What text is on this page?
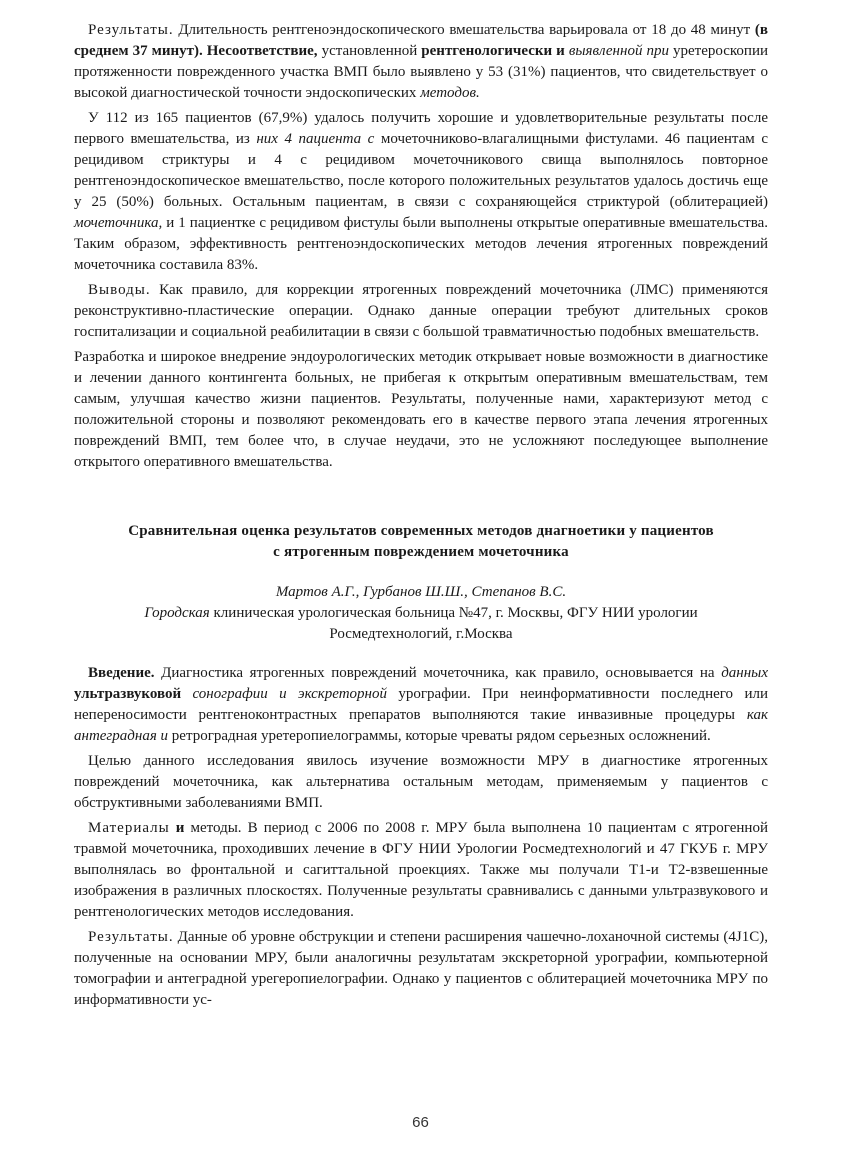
Результаты. Длительность рентгеноэндоскопического вмешательства варьировала от 18 до 48 минут (в среднем 37 минут). Несоответствие, установленной рентгенологически и выявленной при уретероскопии протяженности поврежденного участка ВМП было выявлено у 53 (31%) пациентов, что свидетельствует о высокой диагностической точности эндоскопических методов.

У 112 из 165 пациентов (67,9%) удалось получить хорошие и удовлетворительные результаты после первого вмешательства, из них 4 пациента с мочеточниково-влагалищными фистулами. 46 пациентам с рецидивом стриктуры и 4 с рецидивом мочеточникового свища выполнялось повторное рентгеноэндоскопическое вмешательство, после которого положительных результатов удалось достичь еще у 25 (50%) больных. Остальным пациентам, в связи с сохраняющейся стриктурой (облитерацией) мочеточника, и 1 пациентке с рецидивом фистулы были выполнены открытые оперативные вмешательства. Таким образом, эффективность рентгеноэндоскопических методов лечения ятрогенных повреждений мочеточника составила 83%.

Выводы. Как правило, для коррекции ятрогенных повреждений мочеточника (ЛМС) применяются реконструктивно-пластические операции. Однако данные операции требуют длительных сроков госпитализации и социальной реабилитации в связи с большой травматичностью подобных вмешательств.

Разработка и широкое внедрение эндоурологических методик открывает новые возможности в диагностике и лечении данного контингента больных, не прибегая к открытым оперативным вмешательствам, тем самым, улучшая качество жизни пациентов. Результаты, полученные нами, характеризуют метод с положительной стороны и позволяют рекомендовать его в качестве первого этапа лечения ятрогенных повреждений ВМП, тем более что, в случае неудачи, это не усложняют последующее выполнение открытого оперативного вмешательства.

Сравнительная оценка результатов современных методов днагноетики у пациентов

с ятрогенным повреждением мочеточника

Мартов А.Г., Гурбанов Ш.Ш., Степанов В.С.
Городская клиническая урологическая больница №47, г. Москвы, ФГУ НИИ урологии
Росмедтехнологий, г.Москва

Введение. Диагностика ятрогенных повреждений мочеточника, как правило, основывается на данных ультразвуковой сонографии и экскреторной урографии. При неинформативности последнего или непереносимости рентгеноконтрастных препаратов выполняются такие инвазивные процедуры как антеградная и ретроградная уретеропиелограммы, которые чреваты рядом серьезных осложнений.

Целью данного исследования явилось изучение возможности МРУ в диагностике ятрогенных повреждений мочеточника, как альтернатива остальным методам, применяемым у пациентов с обструктивными заболеваниями ВМП.

Материалы и методы. В период с 2006 по 2008 г. МРУ была выполнена 10 пациентам с ятрогенной травмой мочеточника, проходивших лечение в ФГУ НИИ Урологии Росмедтехнологий и 47 ГКУБ г. МРУ выполнялась во фронтальной и сагиттальной проекциях. Также мы получали Т1-и Т2-взвешенные изображения в различных плоскостях. Полученные результаты сравнивались с данными ультразвукового и рентгенологических методов исследования.

Результаты. Данные об уровне обструкции и степени расширения чашечно-лоханочной системы (4J1C), полученные на основании МРУ, были аналогичны результатам экскреторной урографии, компьютерной томографии и антеградной урегеропиелографии. Однако у пациентов с облитерацией мочеточника МРУ по информативности ус-

66
